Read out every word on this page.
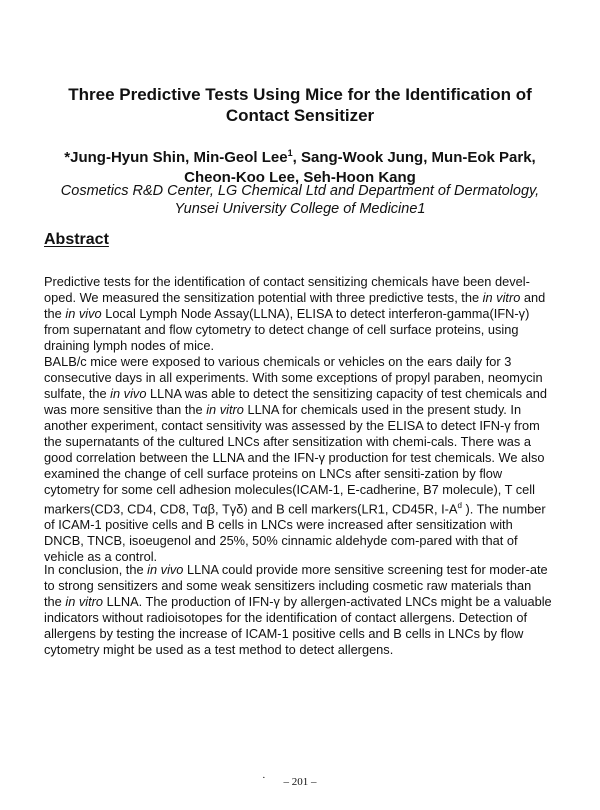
Three Predictive Tests Using Mice for the Identification of
Contact Sensitizer
*Jung-Hyun Shin, Min-Geol Lee$^1$, Sang-Wook Jung, Mun-Eok Park,
Cheon-Koo Lee, Seh-Hoon Kang
Cosmetics R&D Center, LG Chemical Ltd and Department of Dermatology,
Yunsei University College of Medicine1
Abstract

Predictive tests for the identification of contact sensitizing chemicals have been devel-oped. We measured the sensitization potential with three predictive tests, the in vitro and the in vivo Local Lymph Node Assay(LLNA), ELISA to detect interferon-gamma(IFN-γ) from supernatant and flow cytometry to detect change of cell surface proteins, using draining lymph nodes of mice.

BALB/c mice were exposed to various chemicals or vehicles on the ears daily for 3 consecutive days in all experiments. With some exceptions of propyl paraben, neomycin sulfate, the in vivo LLNA was able to detect the sensitizing capacity of test chemicals and was more sensitive than the in vitro LLNA for chemicals used in the present study. In another experiment, contact sensitivity was assessed by the ELISA to detect IFN-γ from the supernatants of the cultured LNCs after sensitization with chemi-cals. There was a good correlation between the LLNA and the IFN-γ production for test chemicals. We also examined the change of cell surface proteins on LNCs after sensiti-zation by flow cytometry for some cell adhesion molecules(ICAM-1, E-cadherine, B7 molecule), T cell markers(CD3, CD4, CD8, Tαβ, Tγδ) and B cell markers(LR1, CD45R, $I-A^d$ ). The number of ICAM-1 positive cells and B cells in LNCs were increased after sensitization with DNCB, TNCB, isoeugenol and 25%, 50% cinnamic aldehyde com-pared with that of vehicle as a control.

In conclusion, the in vivo LLNA could provide more sensitive screening test for moder-ate to strong sensitizers and some weak sensitizers including cosmetic raw materials than the in vitro LLNA. The production of IFN-γ by allergen-activated LNCs might be a valuable indicators without radioisotopes for the identification of contact allergens. Detection of allergens by testing the increase of ICAM-1 positive cells and B cells in LNCs by flow cytometry might be used as a test method to detect allergens.

·	– 201 –
